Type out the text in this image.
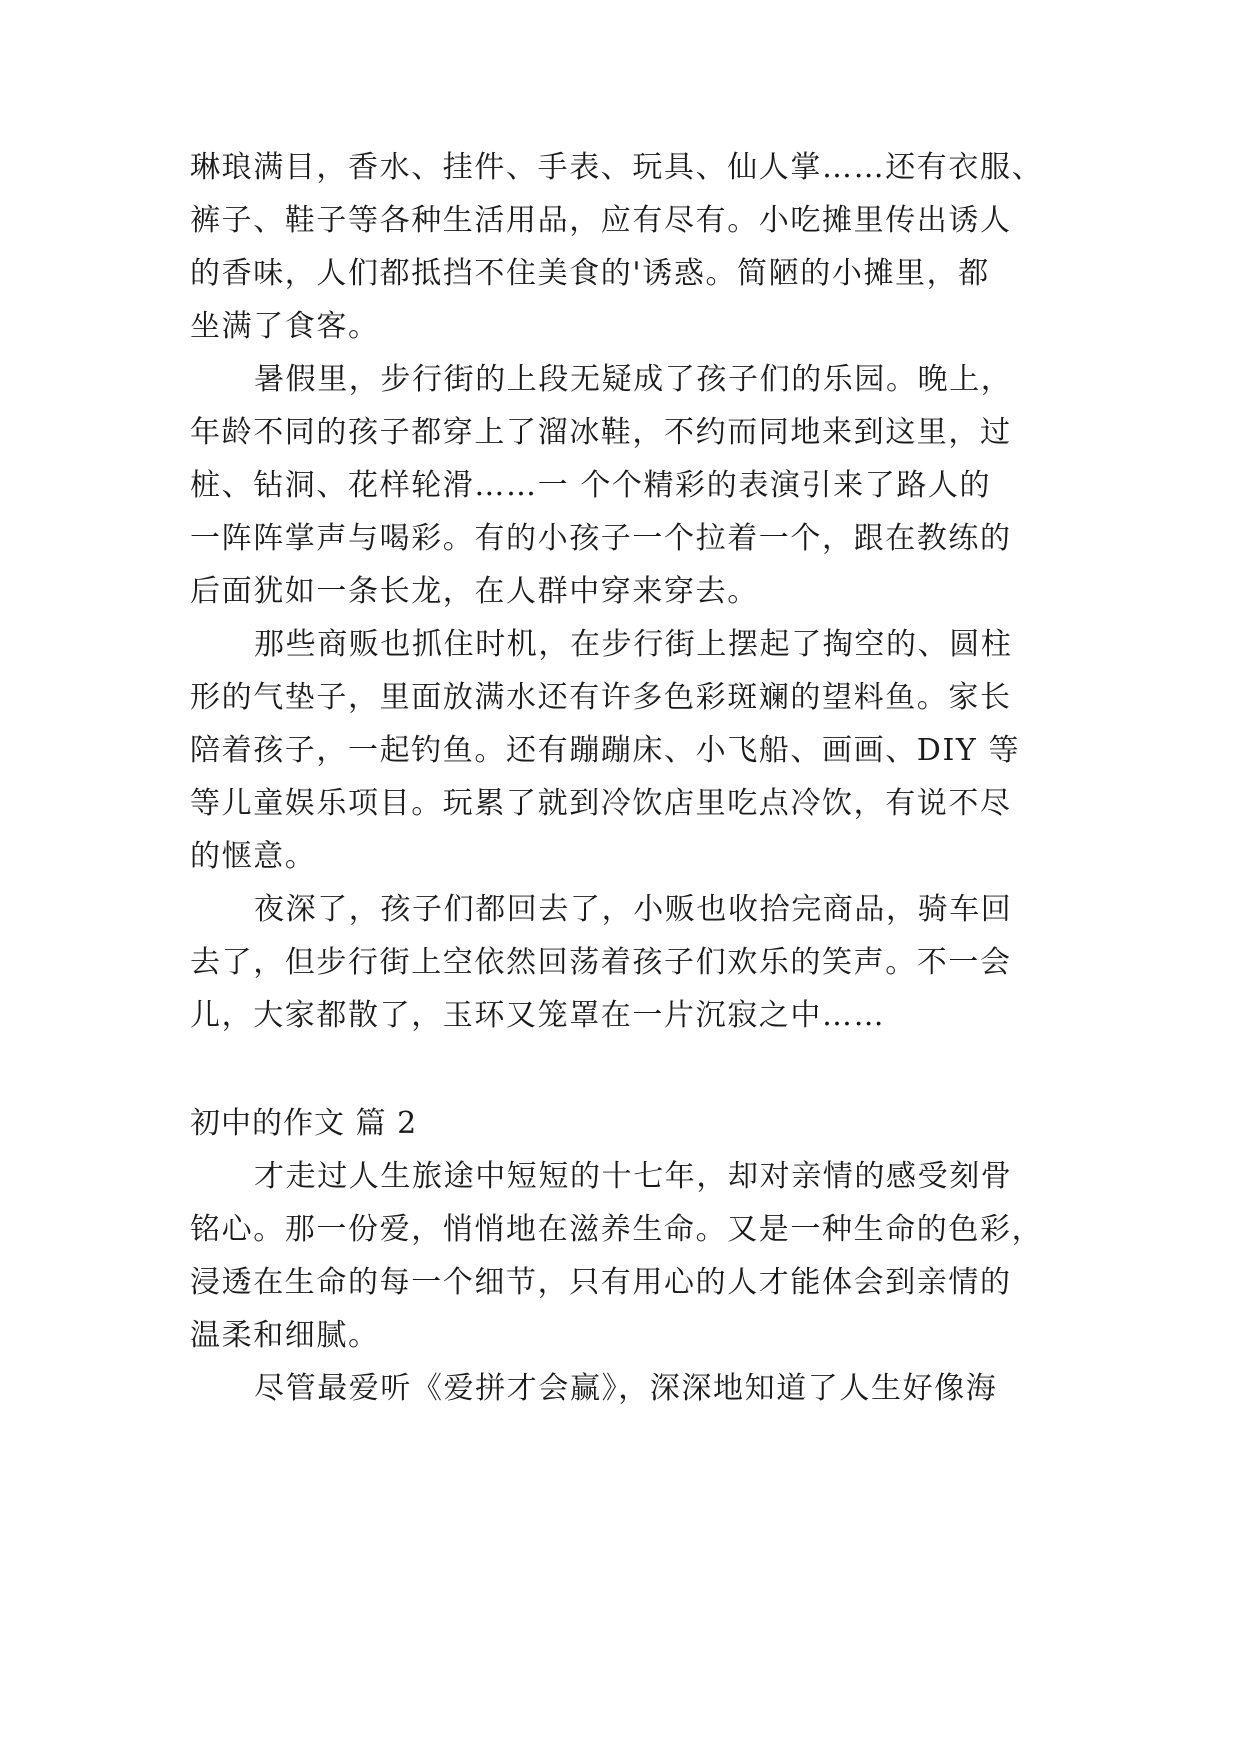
琳琅满目，香水、挂件、手表、玩具、仙人掌……还有衣服、
裤子、鞋子等各种生活用品，应有尽有。小吃摊里传出诱人
的香味，人们都抵挡不住美食的'诱惑。简陋的小摊里，都
坐满了食客。
暑假里，步行街的上段无疑成了孩子们的乐园。晚上，
年龄不同的孩子都穿上了溜冰鞋，不约而同地来到这里，过
桩、钻洞、花样轮滑……一 个个精彩的表演引来了路人的
一阵阵掌声与喝彩。有的小孩子一个拉着一个，跟在教练的
后面犹如一条长龙，在人群中穿来穿去。
那些商贩也抓住时机，在步行街上摆起了掏空的、圆柱
形的气垫子，里面放满水还有许多色彩斑斓的望料鱼。家长
陪着孩子，一起钓鱼。还有蹦蹦床、小飞船、画画、DIY 等
等儿童娱乐项目。玩累了就到冷饮店里吃点冷饮，有说不尽
的惬意。
夜深了，孩子们都回去了，小贩也收拾完商品，骑车回
去了，但步行街上空依然回荡着孩子们欢乐的笑声。不一会
儿，大家都散了，玉环又笼罩在一片沉寂之中……
初中的作文 篇 2
才走过人生旅途中短短的十七年，却对亲情的感受刻骨
铭心。那一份爱，悄悄地在滋养生命。又是一种生命的色彩，
浸透在生命的每一个细节，只有用心的人才能体会到亲情的
温柔和细腻。
尽管最爱听《爱拼才会赢》，深深地知道了人生好像海
